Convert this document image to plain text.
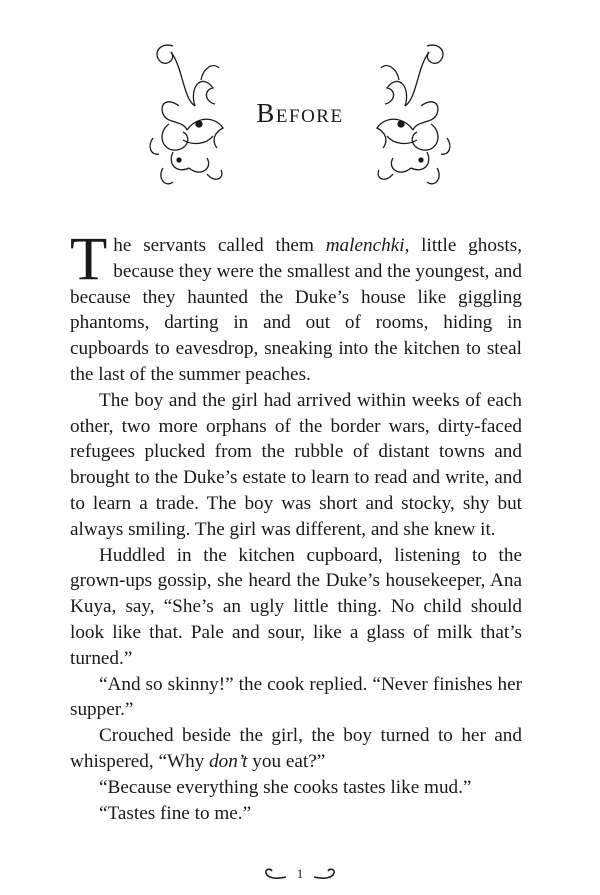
Before

The servants called them malenchki, little ghosts, because they were the smallest and the youngest, and because they haunted the Duke’s house like giggling phantoms, darting in and out of rooms, hiding in cupboards to eavesdrop, sneaking into the kitchen to steal the last of the summer peaches.

The boy and the girl had arrived within weeks of each other, two more orphans of the border wars, dirty-faced refugees plucked from the rubble of distant towns and brought to the Duke’s estate to learn to read and write, and to learn a trade. The boy was short and stocky, shy but always smiling. The girl was different, and she knew it.

Huddled in the kitchen cupboard, listening to the grown-ups gossip, she heard the Duke’s housekeeper, Ana Kuya, say, “She’s an ugly little thing. No child should look like that. Pale and sour, like a glass of milk that’s turned.”

“And so skinny!” the cook replied. “Never finishes her supper.”

Crouched beside the girl, the boy turned to her and whispered, “Why don’t you eat?”

“Because everything she cooks tastes like mud.”

“Tastes fine to me.”

1
